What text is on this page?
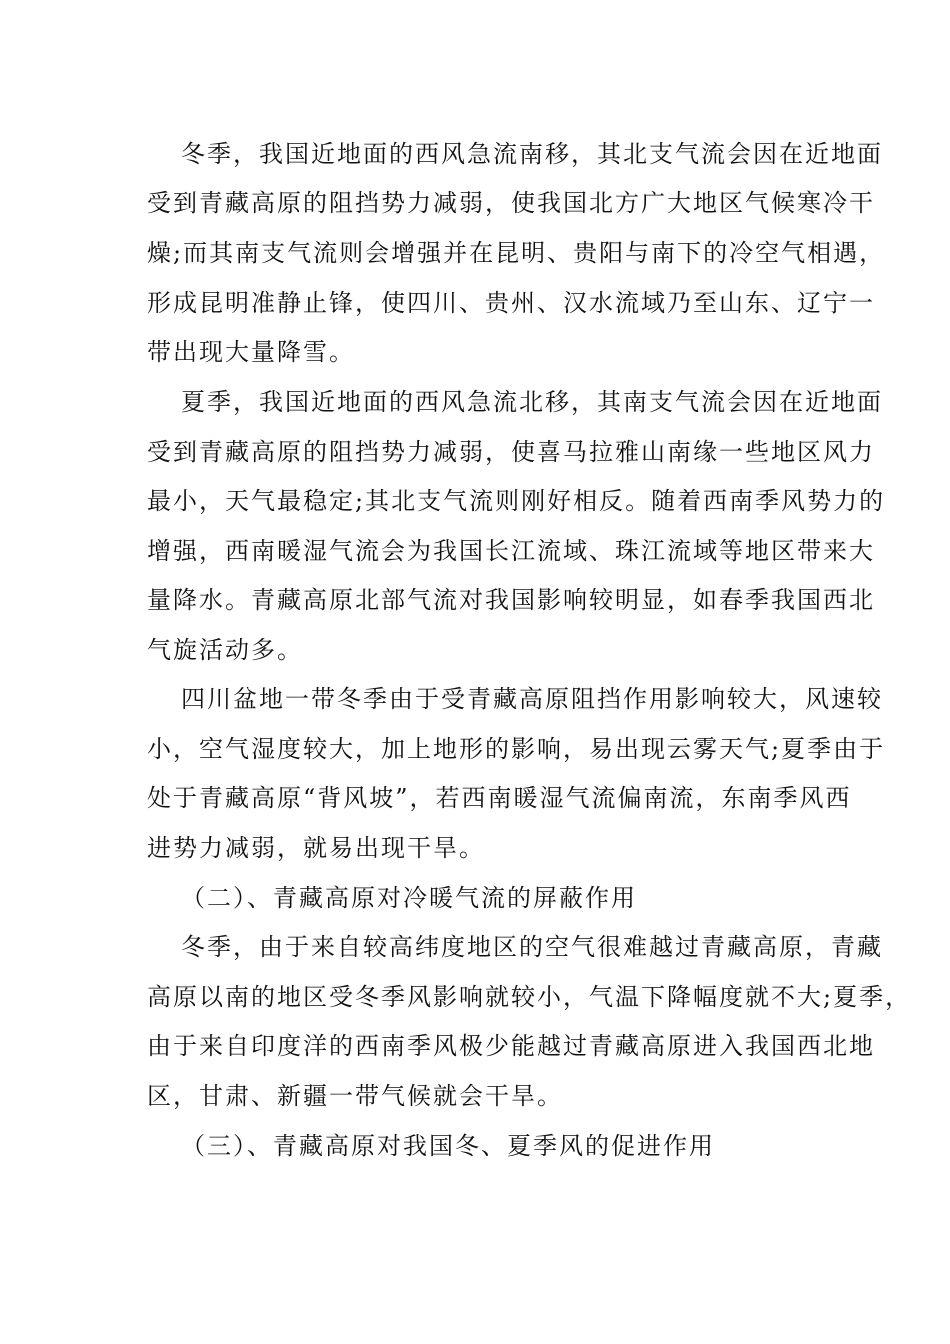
冬季，我国近地面的西风急流南移，其北支气流会因在近地面
受到青藏高原的阻挡势力减弱，使我国北方广大地区气候寒冷干
燥;而其南支气流则会增强并在昆明、贵阳与南下的冷空气相遇，
形成昆明准静止锋，使四川、贵州、汉水流域乃至山东、辽宁一
带出现大量降雪。
夏季，我国近地面的西风急流北移，其南支气流会因在近地面
受到青藏高原的阻挡势力减弱，使喜马拉雅山南缘一些地区风力
最小，天气最稳定;其北支气流则刚好相反。随着西南季风势力的
增强，西南暖湿气流会为我国长江流域、珠江流域等地区带来大
量降水。青藏高原北部气流对我国影响较明显，如春季我国西北
气旋活动多。
四川盆地一带冬季由于受青藏高原阻挡作用影响较大，风速较
小，空气湿度较大，加上地形的影响，易出现云雾天气;夏季由于
处于青藏高原“背风坡”，若西南暖湿气流偏南流，东南季风西
进势力减弱，就易出现干旱。
（二）、青藏高原对冷暖气流的屏蔽作用
冬季，由于来自较高纬度地区的空气很难越过青藏高原，青藏
高原以南的地区受冬季风影响就较小，气温下降幅度就不大;夏季，
由于来自印度洋的西南季风极少能越过青藏高原进入我国西北地
区，甘肃、新疆一带气候就会干旱。
（三）、青藏高原对我国冬、夏季风的促进作用
